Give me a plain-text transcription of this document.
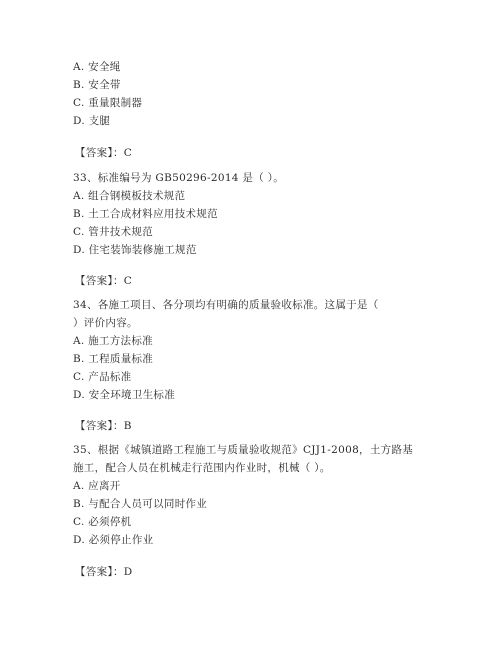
A. 安全绳
B. 安全带
C. 重量限制器
D. 支腿
【答案】：C
33、标准编号为 GB50296-2014 是（ ）。
A. 组合钢模板技术规范
B. 土工合成材料应用技术规范
C. 管井技术规范
D. 住宅装饰装修施工规范
【答案】：C
34、各施工项目、各分项均有明确的质量验收标准。这属于是（
）评价内容。
A. 施工方法标准
B. 工程质量标准
C. 产品标准
D. 安全环境卫生标准
【答案】：B
35、根据《城镇道路工程施工与质量验收规范》CJJ1-2008，土方路基
施工，配合人员在机械走行范围内作业时，机械（ ）。
A. 应离开
B. 与配合人员可以同时作业
C. 必须停机
D. 必须停止作业
【答案】：D
